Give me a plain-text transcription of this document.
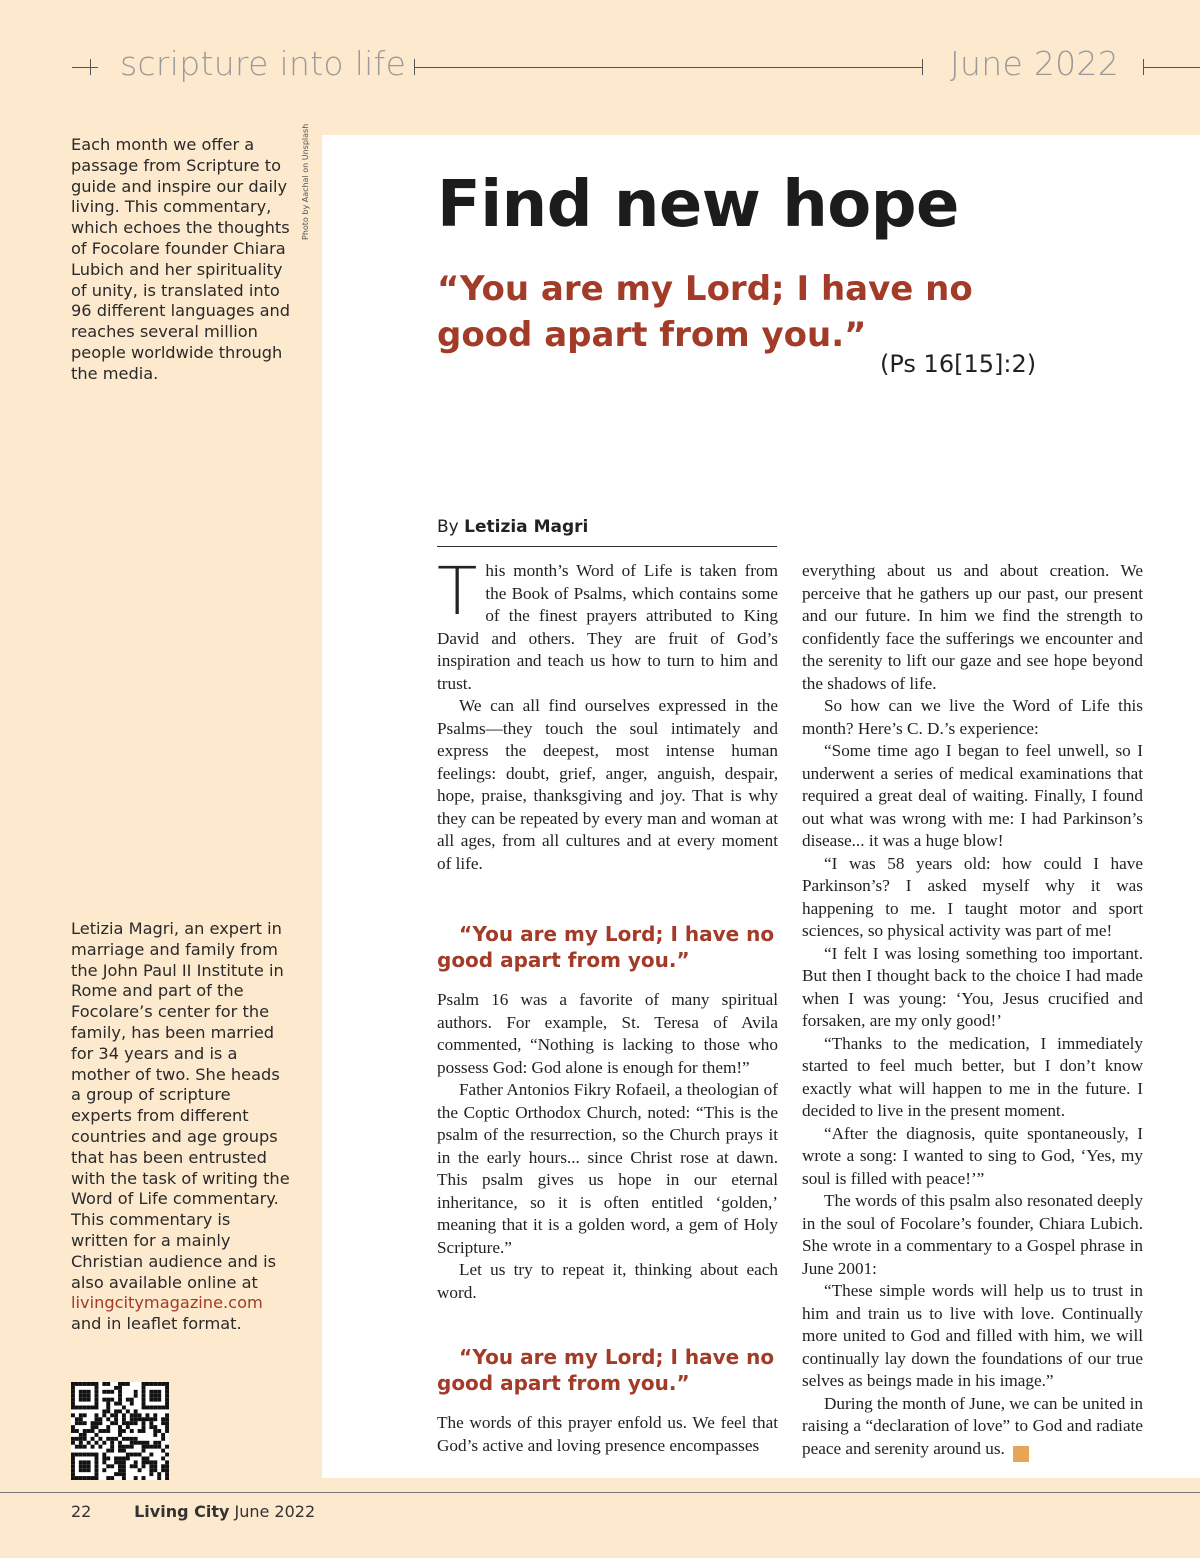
scripture into life	June 2022

Each month we offer a passage from Scripture to guide and inspire our daily living. This commentary, which echoes the thoughts of Focolare founder Chiara Lubich and her spirituality of unity, is translated into 96 different languages and reaches several million people worldwide through the media.

Photo by Aachal on Unsplash

Letizia Magri, an expert in marriage and family from the John Paul II Institute in Rome and part of the Focolare’s center for the family, has been married for 34 years and is a mother of two. She heads a group of scripture experts from different countries and age groups that has been entrusted with the task of writing the Word of Life commentary.

This commentary is written for a mainly Christian audience and is also available online at livingcitymagazine.com and in leaflet format.

Find new hope
“You are my Lord; I have no good apart from you.”
(Ps 16[15]:2)
By Letizia Magri

This month’s Word of Life is taken from the Book of Psalms, which contains some of the finest prayers attributed to King David and others. They are fruit of God’s inspiration and teach us how to turn to him and trust.

We can all find ourselves expressed in the Psalms—they touch the soul intimately and express the deepest, most intense human feelings: doubt, grief, anger, anguish, despair, hope, praise, thanksgiving and joy. That is why they can be repeated by every man and woman at all ages, from all cultures and at every moment of life.

“You are my Lord; I have no good apart from you.”

Psalm 16 was a favorite of many spiritual authors. For example, St. Teresa of Avila commented, “Nothing is lacking to those who possess God: God alone is enough for them!”

Father Antonios Fikry Rofaeil, a theologian of the Coptic Orthodox Church, noted: “This is the psalm of the resurrection, so the Church prays it in the early hours... since Christ rose at dawn. This psalm gives us hope in our eternal inheritance, so it is often entitled ‘golden,’ meaning that it is a golden word, a gem of Holy Scripture.”

Let us try to repeat it, thinking about each word.

“You are my Lord; I have no good apart from you.”

The words of this prayer enfold us. We feel that God’s active and loving presence encompasses

everything about us and about creation. We perceive that he gathers up our past, our present and our future. In him we find the strength to confidently face the sufferings we encounter and the serenity to lift our gaze and see hope beyond the shadows of life.

So how can we live the Word of Life this month? Here’s C. D.’s experience:

“Some time ago I began to feel unwell, so I underwent a series of medical examinations that required a great deal of waiting. Finally, I found out what was wrong with me: I had Parkinson’s disease... it was a huge blow!

“I was 58 years old: how could I have Parkinson’s? I asked myself why it was happening to me. I taught motor and sport sciences, so physical activity was part of me!

“I felt I was losing something too important. But then I thought back to the choice I had made when I was young: ‘You, Jesus crucified and forsaken, are my only good!’

“Thanks to the medication, I immediately started to feel much better, but I don’t know exactly what will happen to me in the future. I decided to live in the present moment.

“After the diagnosis, quite spontaneously, I wrote a song: I wanted to sing to God, ‘Yes, my soul is filled with peace!’”

The words of this psalm also resonated deeply in the soul of Focolare’s founder, Chiara Lubich. She wrote in a commentary to a Gospel phrase in June 2001:

“These simple words will help us to trust in him and train us to live with love. Continually more united to God and filled with him, we will continually lay down the foundations of our true selves as beings made in his image.”

During the month of June, we can be united in raising a “declaration of love” to God and radiate peace and serenity around us.	LC

22	Living City June 2022
